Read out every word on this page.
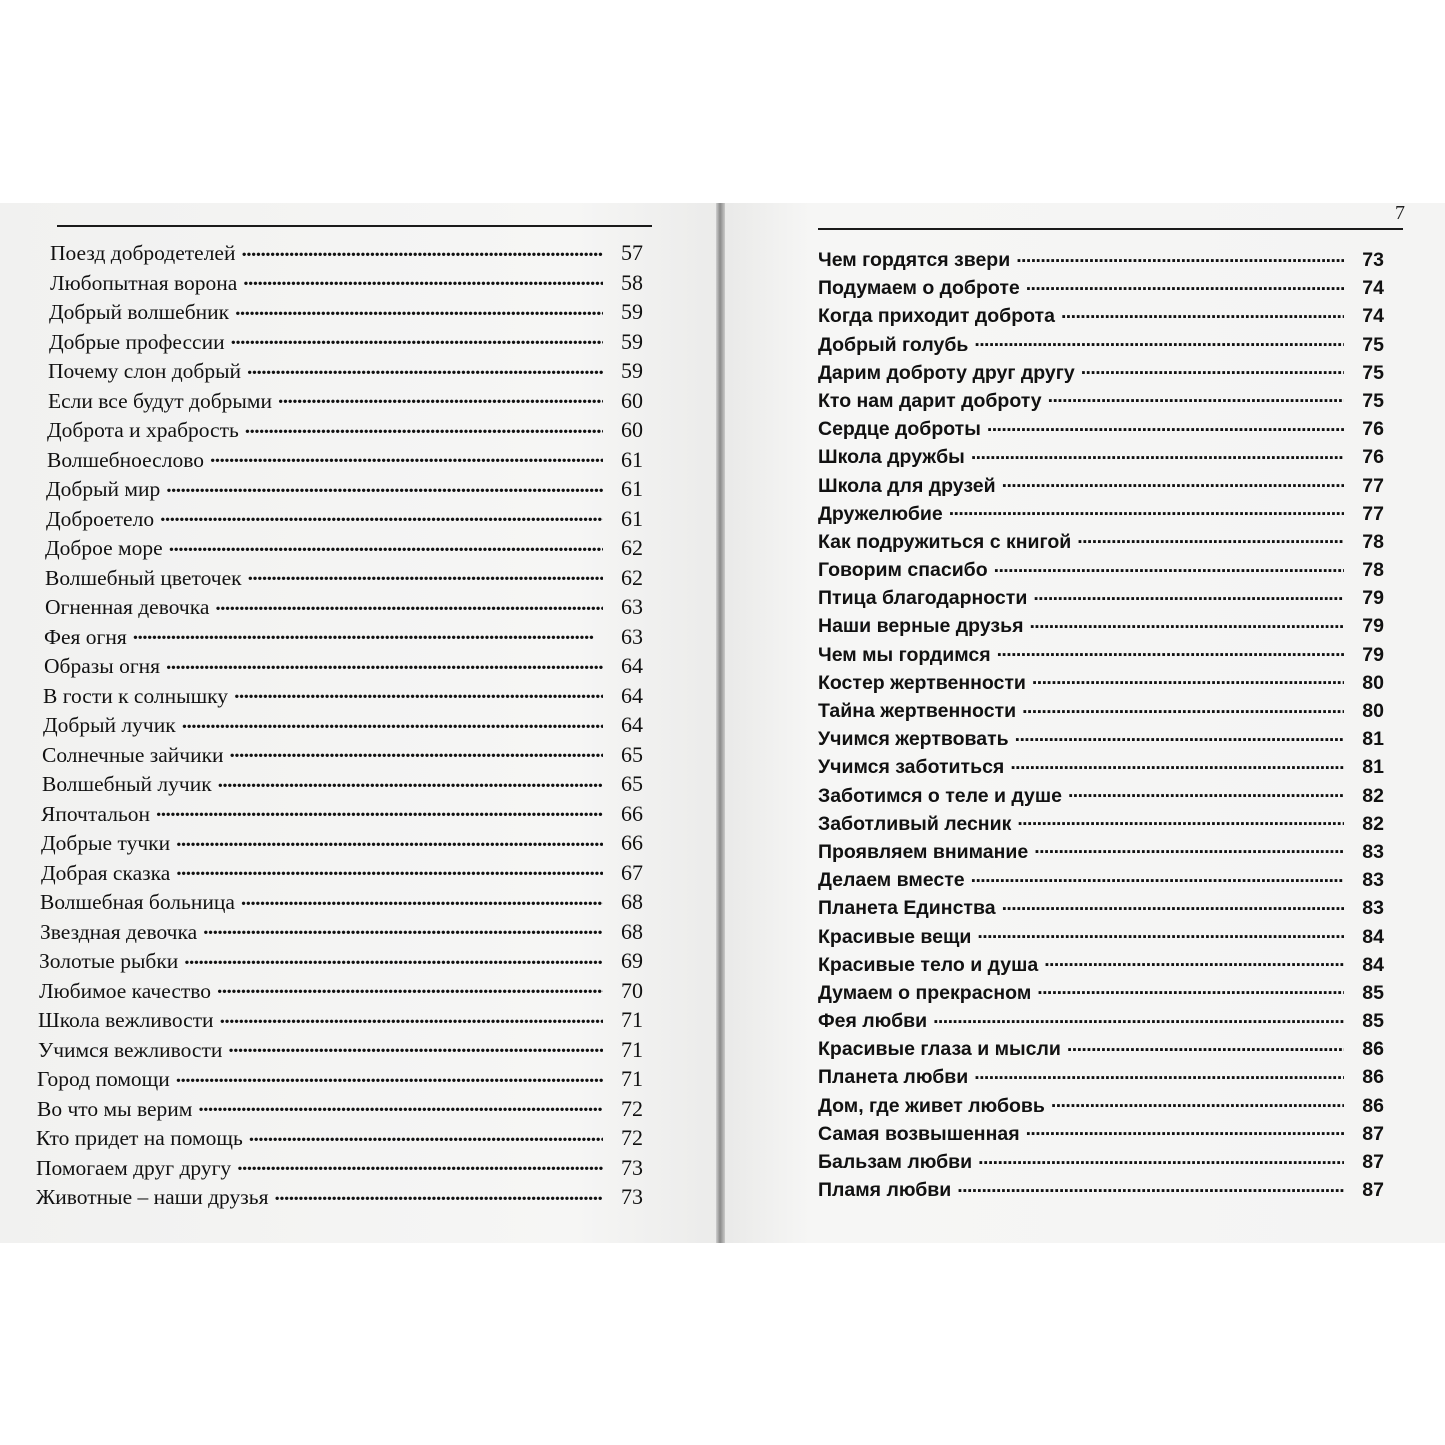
Поезд добродетелей . . .	57
Любопытная ворона . . .	58
Добрый волшебник . . .	59
Добрые профессии . . .	59
Почему слон добрый . . .	59
Если все будут добрыми . . .	60
Доброта и храбрость . . .	60
Волшебноеслово . . .	61
Добрый мир . . .	61
Доброетело . . .	61
Доброе море . . .	62
Волшебный цветочек . . .	62
Огненная девочка . . .	63
Фея огня . . .	63
Образы огня . . .	64
В гости к солнышку . . .	64
Добрый лучик . . .	64
Солнечные зайчики . . .	65
Волшебный лучик . . .	65
Япочтальон . . .	66
Добрые тучки . . .	66
Добрая сказка . . .	67
Волшебная больница . . .	68
Звездная девочка . . .	68
Золотые рыбки . . .	69
Любимое качество . . .	70
Школа вежливости . . .	71
Учимся вежливости . . .	71
Город помощи . . .	71
Во что мы верим . . .	72
Кто придет на помощь . . .	72
Помогаем друг другу . . .	73
Животные – наши друзья . . .	73
7
Чем гордятся звери . . .	73
Подумаем о доброте . . .	74
Когда приходит доброта . . .	74
Добрый голубь . . .	75
Дарим доброту друг другу . . .	75
Кто нам дарит доброту . . .	75
Сердце доброты . . .	76
Школа дружбы . . .	76
Школа для друзей . . .	77
Дружелюбие . . .	77
Как подружиться с книгой . . .	78
Говорим спасибо . . .	78
Птица благодарности . . .	79
Наши верные друзья . . .	79
Чем мы гордимся . . .	79
Костер жертвенности . . .	80
Тайна жертвенности . . .	80
Учимся жертвовать . . .	81
Учимся заботиться . . .	81
Заботимся о теле и душе . . .	82
Заботливый лесник . . .	82
Проявляем внимание . . .	83
Делаем вместе . . .	83
Планета Единства . . .	83
Красивые вещи . . .	84
Красивые тело и душа . . .	84
Думаем о прекрасном . . .	85
Фея любви . . .	85
Красивые глаза и мысли . . .	86
Планета любви . . .	86
Дом, где живет любовь . . .	86
Самая возвышенная . . .	87
Бальзам любви . . .	87
Пламя любви . . .	87
